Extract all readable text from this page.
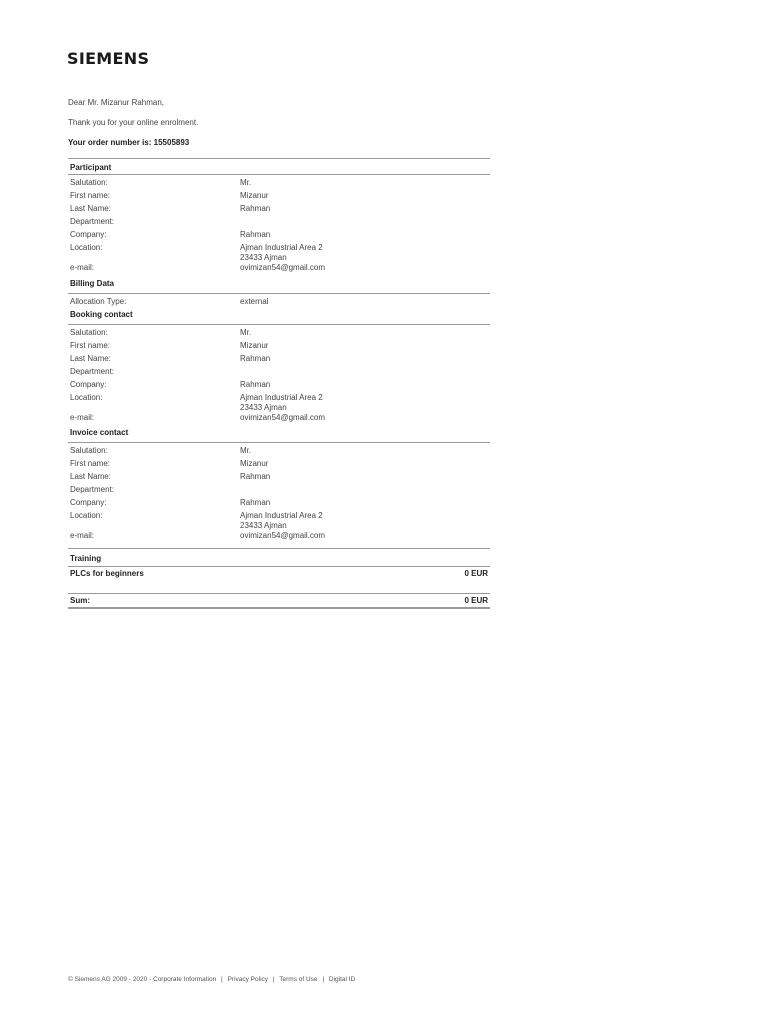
SIEMENS
Dear Mr. Mizanur Rahman,
Thank you for your online enrolment.
Your order number is: 15505893
Participant
Salutation:	Mr.
First name:	Mizanur
Last Name:	Rahman
Department:
Company:	Rahman
Location:	Ajman Industrial Area 2
23433 Ajman
e-mail:	ovimizan54@gmail.com
Billing Data
Allocation Type:	external
Booking contact
Salutation:	Mr.
First name:	Mizanur
Last Name:	Rahman
Department:
Company:	Rahman
Location:	Ajman Industrial Area 2
23433 Ajman
e-mail:	ovimizan54@gmail.com
Invoice contact
Salutation:	Mr.
First name:	Mizanur
Last Name:	Rahman
Department:
Company:	Rahman
Location:	Ajman Industrial Area 2
23433 Ajman
e-mail:	ovimizan54@gmail.com
Training
PLCs for beginners	0 EUR
Sum:	0 EUR
© Siemens AG 2009 - 2020 - Corporate Information | Privacy Policy | Terms of Use | Digital ID
